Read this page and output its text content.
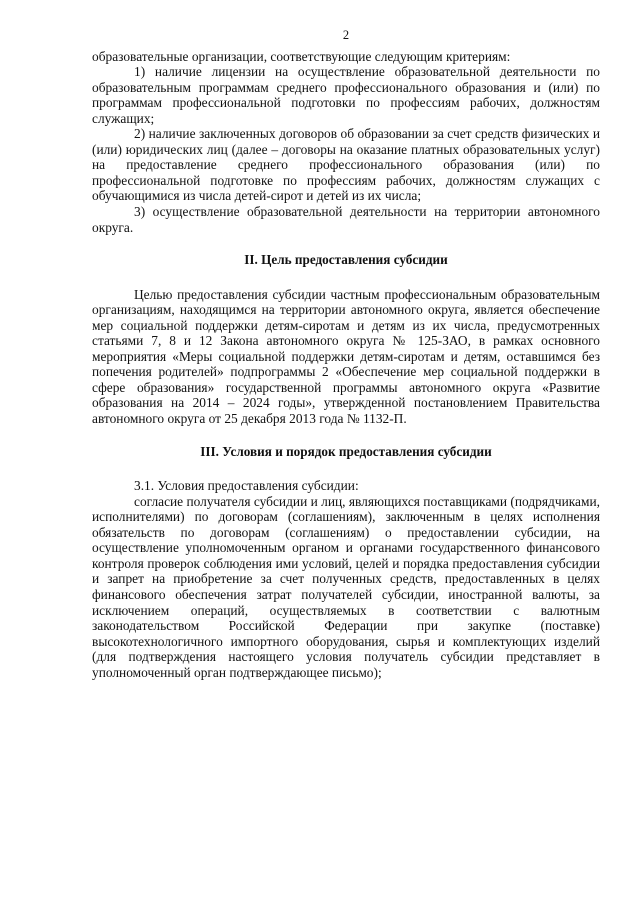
2

образовательные организации, соответствующие следующим критериям:

1) наличие лицензии на осуществление образовательной деятельности по образовательным программам среднего профессионального образования и (или) по программам профессиональной подготовки по профессиям рабочих, должностям служащих;

2) наличие заключенных договоров об образовании за счет средств физических и (или) юридических лиц (далее – договоры на оказание платных образовательных услуг) на предоставление среднего профессионального образования (или) по профессиональной подготовке по профессиям рабочих, должностям служащих с обучающимися из числа детей-сирот и детей из их числа;

3) осуществление образовательной деятельности на территории автономного округа.

II. Цель предоставления субсидии

Целью предоставления субсидии частным профессиональным образовательным организациям, находящимся на территории автономного округа, является обеспечение мер социальной поддержки детям-сиротам и детям из их числа, предусмотренных статьями 7, 8 и 12 Закона автономного округа № 125-ЗАО, в рамках основного мероприятия «Меры социальной поддержки детям-сиротам и детям, оставшимся без попечения родителей» подпрограммы 2 «Обеспечение мер социальной поддержки в сфере образования» государственной программы автономного округа «Развитие образования на 2014 – 2024 годы», утвержденной постановлением Правительства автономного округа от 25 декабря 2013 года № 1132-П.

III. Условия и порядок предоставления субсидии

3.1. Условия предоставления субсидии:

согласие получателя субсидии и лиц, являющихся поставщиками (подрядчиками, исполнителями) по договорам (соглашениям), заключенным в целях исполнения обязательств по договорам (соглашениям) о предоставлении субсидии, на осуществление уполномоченным органом и органами государственного финансового контроля проверок соблюдения ими условий, целей и порядка предоставления субсидии и запрет на приобретение за счет полученных средств, предоставленных в целях финансового обеспечения затрат получателей субсидии, иностранной валюты, за исключением операций, осуществляемых в соответствии с валютным законодательством Российской Федерации при закупке (поставке) высокотехнологичного импортного оборудования, сырья и комплектующих изделий (для подтверждения настоящего условия получатель субсидии представляет в уполномоченный орган подтверждающее письмо);
